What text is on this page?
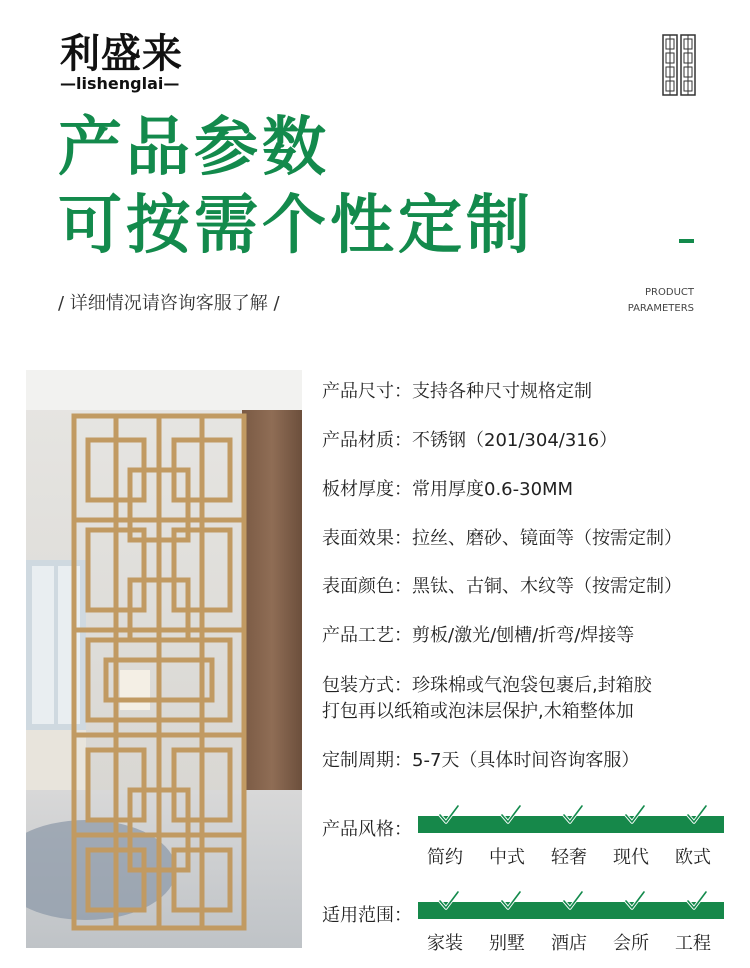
利盛来
—lishenglai—
产品参数
可按需个性定制
/ 详细情况请咨询客服了解 /
PRODUCT
PARAMETERS
产品尺寸：支持各种尺寸规格定制
产品材质：不锈钢（201/304/316）
板材厚度：常用厚度0.6-30MM
表面效果：拉丝、磨砂、镜面等（按需定制）
表面颜色：黑钛、古铜、木纹等（按需定制）
产品工艺：剪板/激光/刨槽/折弯/焊接等
包装方式：珍珠棉或气泡袋包裹后,封箱胶
打包再以纸箱或泡沫层保护,木箱整体加
定制周期：5-7天（具体时间咨询客服）
产品风格：
简约 中式 轻奢 现代 欧式
适用范围：
家装 别墅 酒店 会所 工程
